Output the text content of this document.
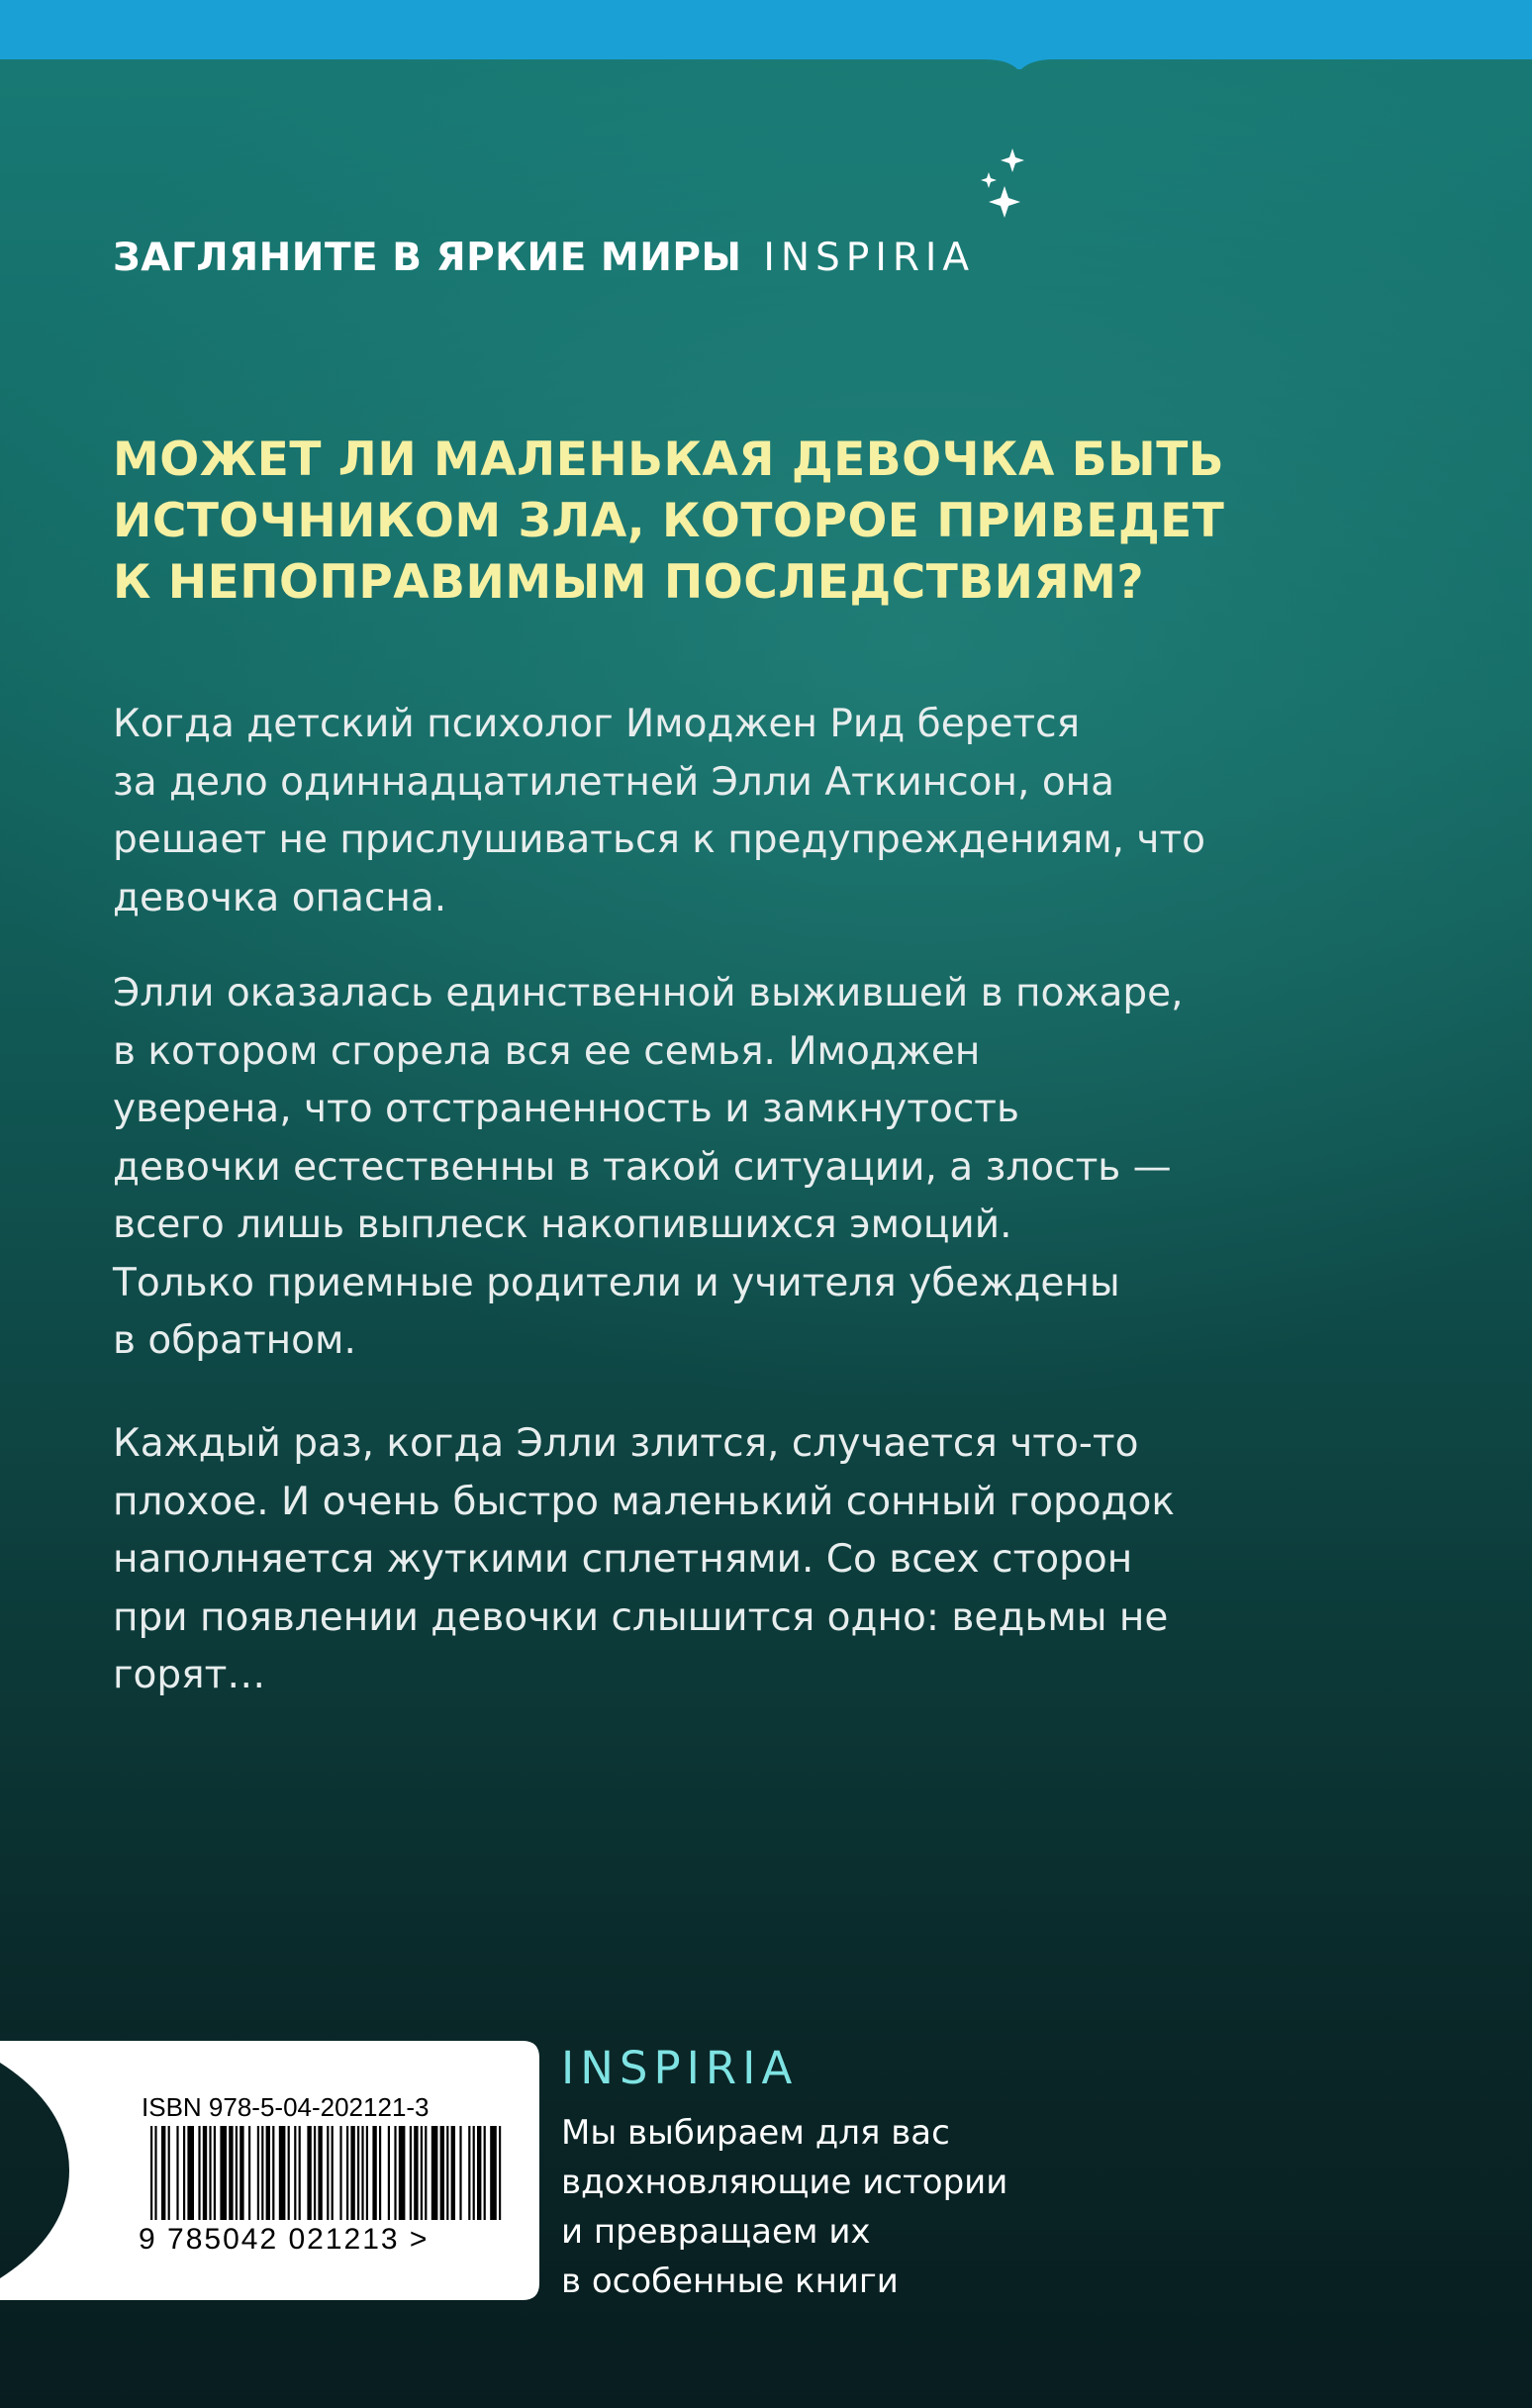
ЗАГЛЯНИТЕ В ЯРКИЕ МИРЫ INSPIRIA
МОЖЕТ ЛИ МАЛЕНЬКАЯ ДЕВОЧКА БЫТЬ
ИСТОЧНИКОМ ЗЛА, КОТОРОЕ ПРИВЕДЕТ
К НЕПОПРАВИМЫМ ПОСЛЕДСТВИЯМ?
Когда детский психолог Имоджен Рид берется
за дело одиннадцатилетней Элли Аткинсон, она
решает не прислушиваться к предупреждениям, что
девочка опасна.
Элли оказалась единственной выжившей в пожаре,
в котором сгорела вся ее семья. Имоджен
уверена, что отстраненность и замкнутость
девочки естественны в такой ситуации, а злость —
всего лишь выплеск накопившихся эмоций.
Только приемные родители и учителя убеждены
в обратном.
Каждый раз, когда Элли злится, случается что-то
плохое. И очень быстро маленький сонный городок
наполняется жуткими сплетнями. Со всех сторон
при появлении девочки слышится одно: ведьмы не
горят…
ISBN 978-5-04-202121-3
9 785042 021213 >
INSPIRIA
Мы выбираем для вас
вдохновляющие истории
и превращаем их
в особенные книги
